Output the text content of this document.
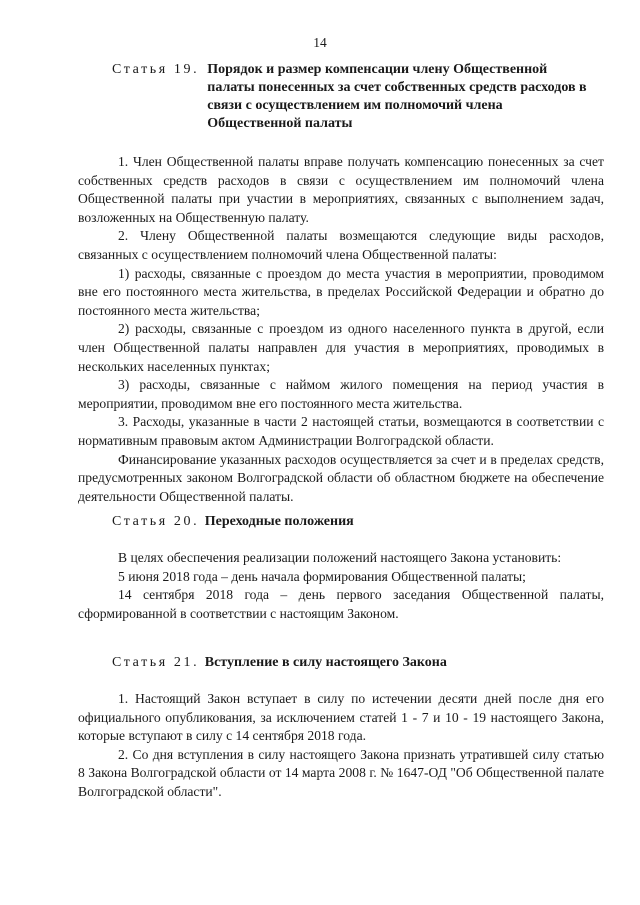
14
Статья 19. Порядок и размер компенсации члену Общественной палаты понесенных за счет собственных средств расходов в связи с осуществлением им полномочий члена Общественной палаты

1. Член Общественной палаты вправе получать компенсацию понесенных за счет собственных средств расходов в связи с осуществлением им полномочий члена Общественной палаты при участии в мероприятиях, связанных с выполнением задач, возложенных на Общественную палату.

2. Члену Общественной палаты возмещаются следующие виды расходов, связанных с осуществлением полномочий члена Общественной палаты:

1) расходы, связанные с проездом до места участия в мероприятии, проводимом вне его постоянного места жительства, в пределах Российской Федерации и обратно до постоянного места жительства;

2) расходы, связанные с проездом из одного населенного пункта в другой, если член Общественной палаты направлен для участия в мероприятиях, проводимых в нескольких населенных пунктах;

3) расходы, связанные с наймом жилого помещения на период участия в мероприятии, проводимом вне его постоянного места жительства.

3. Расходы, указанные в части 2 настоящей статьи, возмещаются в соответствии с нормативным правовым актом Администрации Волгоградской области.

Финансирование указанных расходов осуществляется за счет и в пределах средств, предусмотренных законом Волгоградской области об областном бюджете на обеспечение деятельности Общественной палаты.

Статья 20. Переходные положения

В целях обеспечения реализации положений настоящего Закона установить:

5 июня 2018 года – день начала формирования Общественной палаты;

14 сентября 2018 года – день первого заседания Общественной палаты, сформированной в соответствии с настоящим Законом.

Статья 21. Вступление в силу настоящего Закона

1. Настоящий Закон вступает в силу по истечении десяти дней после дня его официального опубликования, за исключением статей 1 - 7 и 10 - 19 настоящего Закона, которые вступают в силу с 14 сентября 2018 года.

2. Со дня вступления в силу настоящего Закона признать утратившей силу статью 8 Закона Волгоградской области от 14 марта 2008 г. № 1647-ОД "Об Общественной палате Волгоградской области".
